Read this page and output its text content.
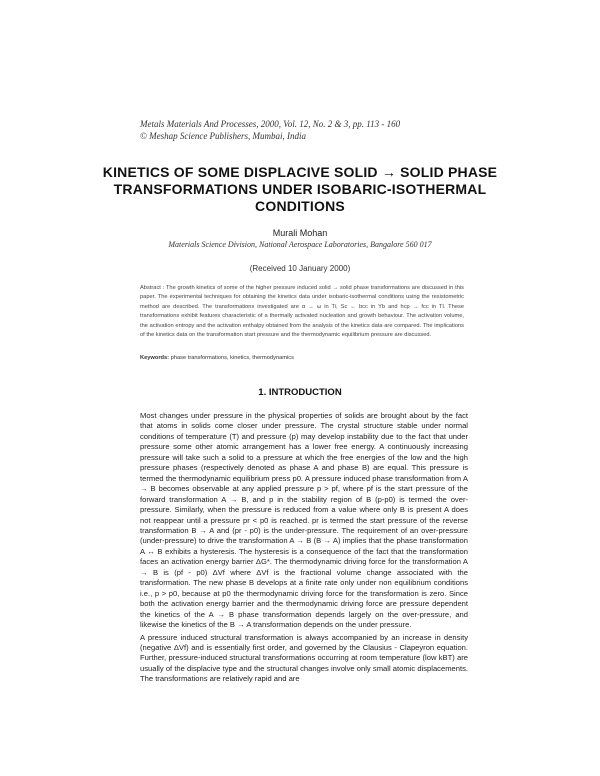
Metals Materials And Processes, 2000, Vol. 12, No. 2 & 3, pp. 113 - 160
© Meshap Science Publishers, Mumbai, India
KINETICS OF SOME DISPLACIVE SOLID → SOLID PHASE
TRANSFORMATIONS UNDER ISOBARIC-ISOTHERMAL
CONDITIONS
Murali Mohan
Materials Science Division, National Aerospace Laboratories, Bangalore 560 017
(Received 10 January 2000)
Abstract : The growth kinetics of some of the higher pressure induced solid → solid phase transformations are discussed in this paper. The experimental techniques for obtaining the kinetics data under isobaric-isothermal conditions using the resistometric method are described. The transformations investigated are α → ω in Ti, Sc ← bcc in Yb and hcp → fcc in Tl. These transformations exhibit features characteristic of a thermally activated nucleation and growth behaviour. The activation volume, the activation entropy and the activation enthalpy obtained from the analysis of the kinetics data are compared. The implications of the kinetics data on the transformation start pressure and the thermodynamic equilibrium pressure are discussed.
Keywords: phase transformations, kinetics, thermodynamics
1. INTRODUCTION

Most changes under pressure in the physical properties of solids are brought about by the fact that atoms in solids come closer under pressure. The crystal structure stable under normal conditions of temperature (T) and pressure (p) may develop instability due to the fact that under pressure some other atomic arrangement has a lower free energy. A continuously increasing pressure will take such a solid to a pressure at which the free energies of the low and the high pressure phases (respectively denoted as phase A and phase B) are equal. This pressure is termed the thermodynamic equilibrium press p0. A pressure induced phase transformation from A → B becomes observable at any applied pressure p > pf, where pf is the start pressure of the forward transformation A → B, and p in the stability region of B (p-p0) is termed the over-pressure. Similarly, when the pressure is reduced from a value where only B is present A does not reappear until a pressure pr < p0 is reached. pr is termed the start pressure of the reverse transformation B → A and (pr - p0) is the under-pressure. The requirement of an over-pressure (under-pressure) to drive the transformation A → B (B → A) implies that the phase transformation A ↔ B exhibits a hysteresis. The hysteresis is a consequence of the fact that the transformation faces an activation energy barrier ΔG*. The thermodynamic driving force for the transformation A → B is (pf - p0) ΔVf where ΔVf is the fractional volume change associated with the transformation. The new phase B develops at a finite rate only under non equilibrium conditions i.e., p > p0, because at p0 the thermodynamic driving force for the transformation is zero. Since both the activation energy barrier and the thermodynamic driving force are pressure dependent the kinetics of the A → B phase transformation depends largely on the over-pressure, and likewise the kinetics of the B → A transformation depends on the under pressure.

A pressure induced structural transformation is always accompanied by an increase in density (negative ΔVf) and is essentially first order, and governed by the Clausius - Clapeyron equation. Further, pressure-induced structural transformations occurring at room temperature (low kBT) are usually of the displacive type and the structural changes involve only small atomic displacements. The transformations are relatively rapid and are
